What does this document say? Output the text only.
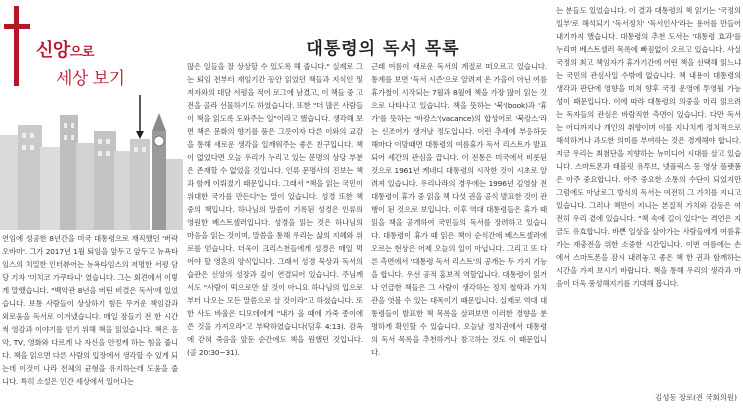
신앙으로
세상 보기
대통령의 독서 목록

연임에 성공한 8년간을 미국 대통령으로 재직했던 '버락 오바마'. 그가 2017년 1월 퇴임을 앞두고 앞두고 뉴욕타임스의 치밀한 인터뷰어는 뉴욕타임스의 저명한 서평 담당 기자 '미치코 가쿠타니' 였습니다. 그는 회견에서 이렇게 말했습니다. "백악관 8년을 버틴 비결은 독서'에 있었습니다. 보통 사람들이 상상하기 힘든 무거운 책임감과 외로움을 독서로 이겨냈습니다. 매일 잠들기 전 한 시간씩 영감과 이야기를 얻기 위해 책을 읽었습니다. 책은 음악, TV, 영화와 다르게 나 자신을 안정케 하는 힘을 줍니다. 책을 읽으면 다른 사람의 입장에서 생각할 수 있게 되는데 이것이 나라 전체의 균형을 유지하는데 도움을 줍니다. 특히 소설은 인간 세상에서 일어나는

많은 일들을 잘 상상할 수 있도록 해 줍니다." 실제로 그는 퇴임 전부터 재임기간 동안 읽었던 책들과 지식인 및 저자와의 대담 서평을 적어 로그에 남겼고, 이 책들 중 고전을 골라 선물하기도 하였습니다. 또한 "더 많은 사람들이 책을 읽도록 도와주는 일"이라고 했습니다. 생각해 보면 책은 문화의 향기를 품은 그릇이자 다른 이와의 교감을 통해 새로운 생각을 일깨워주는 좋은 친구입니다. 책이 없었다면 오늘 우리가 누리고 있는 문명의 상당 부분은 존재할 수 없었을 것입니다. 인류 문명사의 진보는 책과 함께 이뤄졌기 때문입니다. 그래서 "책을 읽는 국민이 위대한 국가를 만든다"는 말이 있습니다. 성경 또한 책 중의 책입니다. 하나님의 말씀이 기록된 성경은 인류의 영원한 베스트셀러입니다. 성경을 읽는 것은 하나님의 마음을 읽는 것이며, 말씀을 통해 우리는 삶의 지혜와 위로를 얻습니다. 더욱이 크리스천들에게 성경은 매일 먹어야 할 영혼의 양식입니다. 그래서 성경 묵상과 독서의 습관은 신앙의 성장과 깊이 연결되어 있습니다. 주님께서도 "사람이 떡으로만 살 것이 아니요 하나님의 입으로부터 나오는 모든 말씀으로 살 것이라"고 하셨습니다. 또한 사도 바울은 디모데에게 "내가 올 때에 가죽 종이에 쓴 것을 가져오라"고 부탁하였습니다(딤후 4:13). 감옥에 갇혀 죽음을 앞둔 순간에도 책을 원했던 것입니다. (골 20:30~31).

근래 여름이 새로운 독서의 계절로 떠오르고 있습니다. 통계를 보면 '독서 시즌'으로 알려져 온 가을이 아닌 여름휴가철이 시작되는 7월과 8월에 책을 가장 많이 읽는 것으로 나타나고 있습니다. 책을 뜻하는 '북'(book)과 '휴가'를 뜻하는 '바캉스'(vacance)의 합성어로 '북캉스'라는 신조어가 생겨날 정도입니다. 이런 추세에 부응하듯 해마다 이맘때면 대통령의 여름휴가 독서 리스트가 발표되어 세간의 관심을 끕니다. 이 전통은 미국에서 비롯된 것으로 1961년 케네디 대통령의 시작한 것이 시초로 알려져 있습니다. 우리나라의 경우에는 1996년 김영삼 전 대통령이 휴가 중 읽을 책 다섯 권을 공식 발표한 것이 관행이 된 것으로 보입니다. 이후 역대 대통령들은 휴가 때 읽을 책을 공개하여 국민들의 독서를 장려하고 있습니다. 대통령이 휴가 때 읽은 책이 순식간에 베스트셀러에 오르는 현상은 어제 오늘의 일이 아닙니다. 그리고 또 다른 측면에서 '대통령 독서 리스트'의 공개는 두 가지 기능을 합니다. 우선 공적 홍보적 역할입니다. 대통령이 읽거나 언급한 책들은 그 사람이 생각하는 정치 철학과 가치관을 엿볼 수 있는 대목이기 때문입니다. 실제로 역대 대통령들이 발표한 책 목록을 살펴보면 이러한 경향을 분명하게 확인할 수 있습니다. 오늘날 정치권에서 대통령의 독서 목록을 추천하거나 참고하는 것도 이 때문입니다.

는 분들도 있었습니다. 이 결과 대통령의 책 읽기는 '국정의 일부'로 해석되기 '독서정치' '독서인사'라는 용어를 만들어 내기까지 했습니다. 대통령의 추천 도서는 '대통령 효과'를 누리며 베스트셀러 목록에 빠짐없이 오르고 있습니다. 사실 국정의 최고 책임자가 휴가기간에 어떤 책을 선택해 읽느냐는 국민의 관심사일 수밖에 없습니다. 책 내용이 대통령의 생각과 판단에 영향을 미쳐 향후 국정 운영에 투영될 가능성이 때문입니다. 이에 따라 대통령의 의중을 미리 읽으려는 독자들의 관심은 바람직한 측면이 있습니다. 다만 독서는 어디까지나 개인의 취향이며 이를 지나치게 정치적으로 해석하거나 과도한 의미를 부여하는 것은 경계해야 합니다. 지금 우리는 최첨단을 지향하는 뉴미디어 시대를 살고 있습니다. 스마트폰과 태블릿 유투브, 넷플릭스 등 영상 플랫폼은 아주 중요합니다. 아주 중요한 소통의 수단이 되었지만 그럼에도 아날로그 방식의 독서는 여전히 그 가치를 지니고 있습니다. 그러나 책만이 지니는 본질적 가치와 감동은 여전히 우리 곁에 있습니다. "책 속에 길이 있다"는 격언은 지금도 유효합니다. 바쁜 일상을 살아가는 사람들에게 여름휴가는 재충전을 위한 소중한 시간입니다. 이번 여름에는 손에서 스마트폰을 잠시 내려놓고 좋은 책 한 권과 함께하는 시간을 가져 보시기 바랍니다. 책을 통해 우리의 생각과 마음이 더욱 풍성해지기를 기대해 봅니다.

김성동 장로(전 국회의원)
